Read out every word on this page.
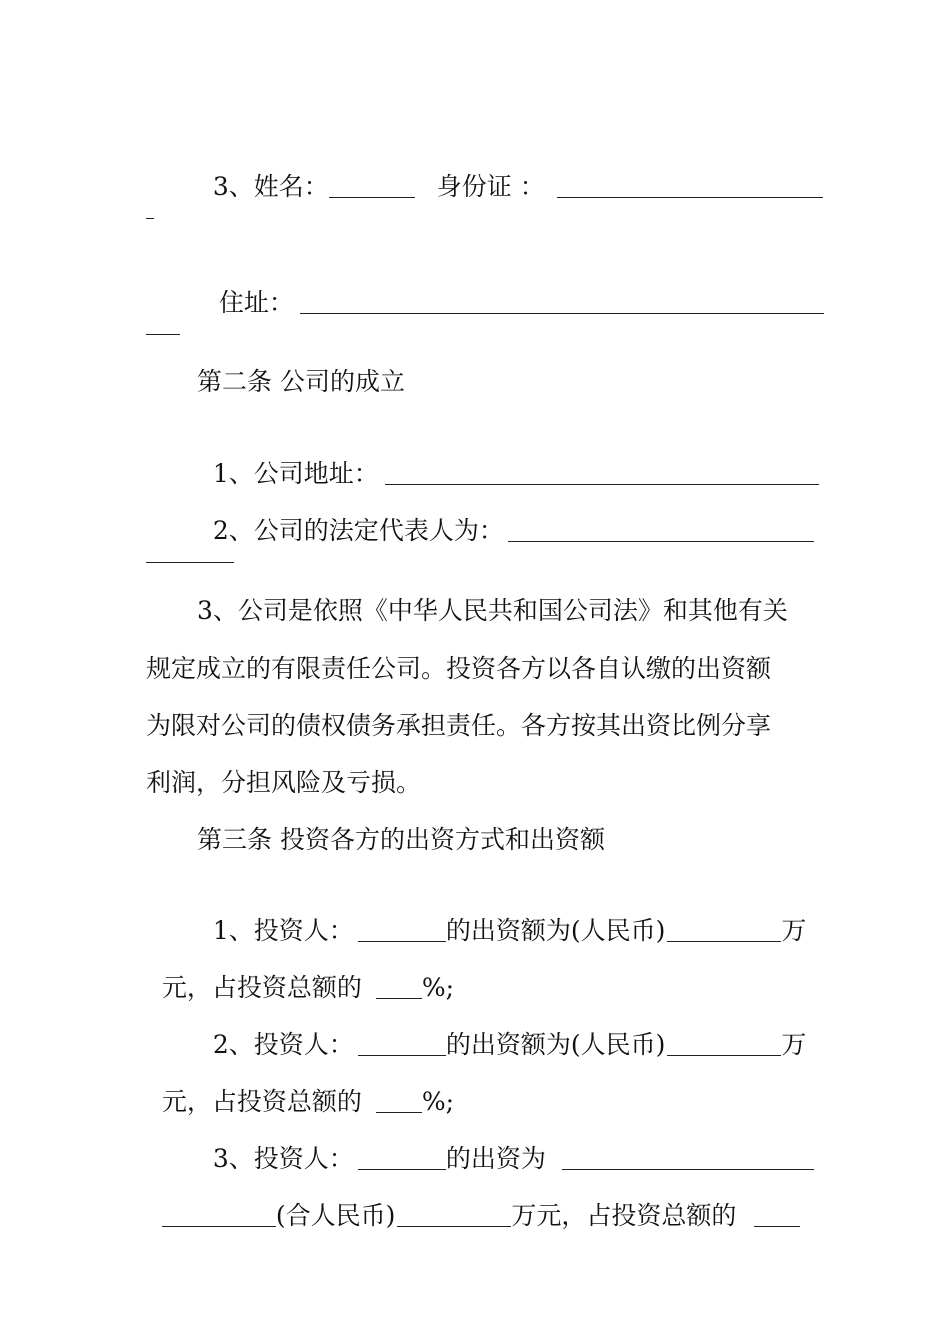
3、姓名：	身份证 ：

住址：

第二条 公司的成立

1、公司地址：

2、公司的法定代表人为：

3、公司是依照《中华人民共和国公司法》和其他有关
规定成立的有限责任公司。投资各方以各自认缴的出资额
为限对公司的债权债务承担责任。各方按其出资比例分享
利润，分担风险及亏损。
第三条 投资各方的出资方式和出资额

1、投资人：	的出资额为(人民币)	万

元，占投资总额的 %;

2、投资人：	的出资额为(人民币)	万

元，占投资总额的 %;

3、投资人：	的出资为

(合人民币)	万元，占投资总额的
